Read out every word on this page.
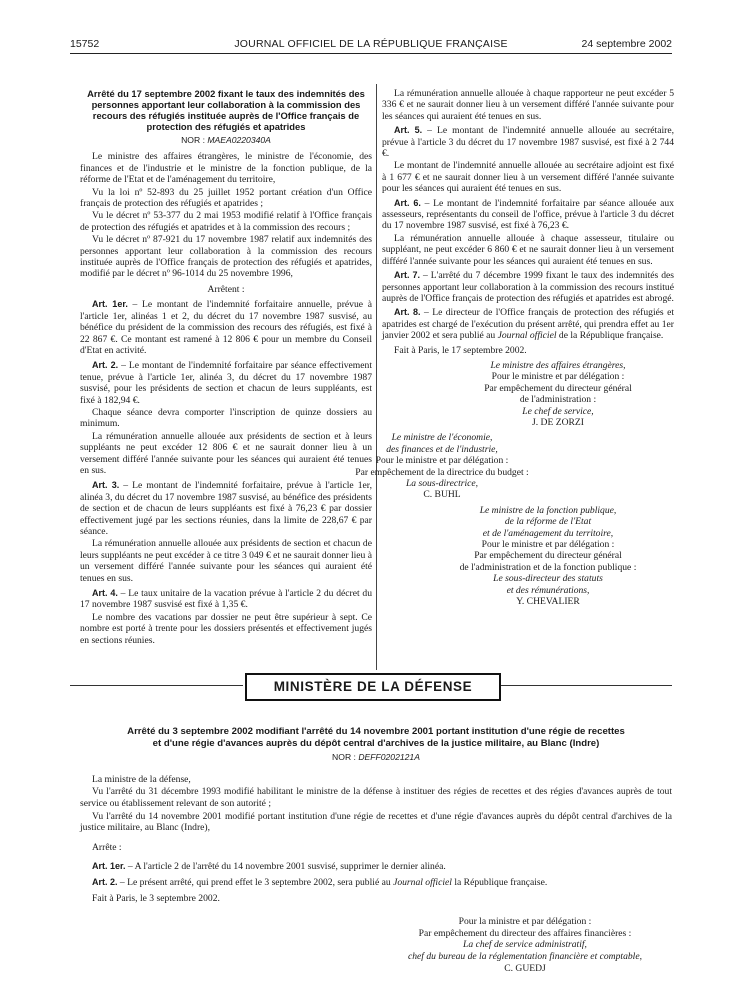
15752	JOURNAL OFFICIEL DE LA RÉPUBLIQUE FRANÇAISE	24 septembre 2002
Arrêté du 17 septembre 2002 fixant le taux des indemnités des personnes apportant leur collaboration à la commission des recours des réfugiés instituée auprès de l'Office français de protection des réfugiés et apatrides
NOR : MAEA0220340A

Le ministre des affaires étrangères, le ministre de l'économie, des finances et de l'industrie et le ministre de la fonction publique, de la réforme de l'Etat et de l'aménagement du territoire,

Vu la loi nº 52-893 du 25 juillet 1952 portant création d'un Office français de protection des réfugiés et apatrides ;

Vu le décret nº 53-377 du 2 mai 1953 modifié relatif à l'Office français de protection des réfugiés et apatrides et à la commission des recours ;

Vu le décret nº 87-921 du 17 novembre 1987 relatif aux indemnités des personnes apportant leur collaboration à la commission des recours instituée auprès de l'Office français de protection des réfugiés et apatrides, modifié par le décret nº 96-1014 du 25 novembre 1996,

Arrêtent :

Art. 1er. – Le montant de l'indemnité forfaitaire annuelle, prévue à l'article 1er, alinéas 1 et 2, du décret du 17 novembre 1987 susvisé, au bénéfice du président de la commission des recours des réfugiés, est fixé à 22 867 €. Ce montant est ramené à 12 806 € pour un membre du Conseil d'Etat en activité.

Art. 2. – Le montant de l'indemnité forfaitaire par séance effectivement tenue, prévue à l'article 1er, alinéa 3, du décret du 17 novembre 1987 susvisé, pour les présidents de section et chacun de leurs suppléants, est fixé à 182,94 €.

Chaque séance devra comporter l'inscription de quinze dossiers au minimum.

La rémunération annuelle allouée aux présidents de section et à leurs suppléants ne peut excéder 12 806 € et ne saurait donner lieu à un versement différé l'année suivante pour les séances qui auraient été tenues en sus.

Art. 3. – Le montant de l'indemnité forfaitaire, prévue à l'article 1er, alinéa 3, du décret du 17 novembre 1987 susvisé, au bénéfice des présidents de section et de chacun de leurs suppléants est fixé à 76,23 € par dossier effectivement jugé par les sections réunies, dans la limite de 228,67 € par séance.

La rémunération annuelle allouée aux présidents de section et chacun de leurs suppléants ne peut excéder à ce titre 3 049 € et ne saurait donner lieu à un versement différé l'année suivante pour les séances qui auraient été tenues en sus.

Art. 4. – Le taux unitaire de la vacation prévue à l'article 2 du décret du 17 novembre 1987 susvisé est fixé à 1,35 €.

Le nombre des vacations par dossier ne peut être supérieur à sept. Ce nombre est porté à trente pour les dossiers présentés et effectivement jugés en sections réunies.

La rémunération annuelle allouée à chaque rapporteur ne peut excéder 5 336 € et ne saurait donner lieu à un versement différé l'année suivante pour les séances qui auraient été tenues en sus.

Art. 5. – Le montant de l'indemnité annuelle allouée au secrétaire, prévue à l'article 3 du décret du 17 novembre 1987 susvisé, est fixé à 2 744 €.

Le montant de l'indemnité annuelle allouée au secrétaire adjoint est fixé à 1 677 € et ne saurait donner lieu à un versement différé l'année suivante pour les séances qui auraient été tenues en sus.

Art. 6. – Le montant de l'indemnité forfaitaire par séance allouée aux assesseurs, représentants du conseil de l'office, prévue à l'article 3 du décret du 17 novembre 1987 susvisé, est fixé à 76,23 €.

La rémunération annuelle allouée à chaque assesseur, titulaire ou suppléant, ne peut excéder 6 860 € et ne saurait donner lieu à un versement différé l'année suivante pour les séances qui auraient été tenues en sus.

Art. 7. – L'arrêté du 7 décembre 1999 fixant le taux des indemnités des personnes apportant leur collaboration à la commission des recours institué auprès de l'Office français de protection des réfugiés et apatrides est abrogé.

Art. 8. – Le directeur de l'Office français de protection des réfugiés et apatrides est chargé de l'exécution du présent arrêté, qui prendra effet au 1er janvier 2002 et sera publié au Journal officiel de la République française.

Fait à Paris, le 17 septembre 2002.

Le ministre des affaires étrangères,

Pour le ministre et par délégation :

Par empêchement du directeur général

de l'administration :

Le chef de service,

J. DE ZORZI

Le ministre de l'économie,

des finances et de l'industrie,

Pour le ministre et par délégation :

Par empêchement de la directrice du budget :

La sous-directrice,

C. BUHL

Le ministre de la fonction publique,

de la réforme de l'Etat

et de l'aménagement du territoire,

Pour le ministre et par délégation :

Par empêchement du directeur général

de l'administration et de la fonction publique :

Le sous-directeur des statuts

et des rémunérations,

Y. CHEVALIER

MINISTÈRE DE LA DÉFENSE
Arrêté du 3 septembre 2002 modifiant l'arrêté du 14 novembre 2001 portant institution d'une régie de recettes
et d'une régie d'avances auprès du dépôt central d'archives de la justice militaire, au Blanc (Indre)
NOR : DEFF0202121A

La ministre de la défense,

Vu l'arrêté du 31 décembre 1993 modifié habilitant le ministre de la défense à instituer des régies de recettes et des régies d'avances auprès de tout service ou établissement relevant de son autorité ;

Vu l'arrêté du 14 novembre 2001 modifié portant institution d'une régie de recettes et d'une régie d'avances auprès du dépôt central d'archives de la justice militaire, au Blanc (Indre),

Arrête :

Art. 1er. – A l'article 2 de l'arrêté du 14 novembre 2001 susvisé, supprimer le dernier alinéa.

Art. 2. – Le présent arrêté, qui prend effet le 3 septembre 2002, sera publié au Journal officiel la République française.

Fait à Paris, le 3 septembre 2002.

Pour la ministre et par délégation :

Par empêchement du directeur des affaires financières :

La chef de service administratif,

chef du bureau de la réglementation financière et comptable,

C. GUEDJ
